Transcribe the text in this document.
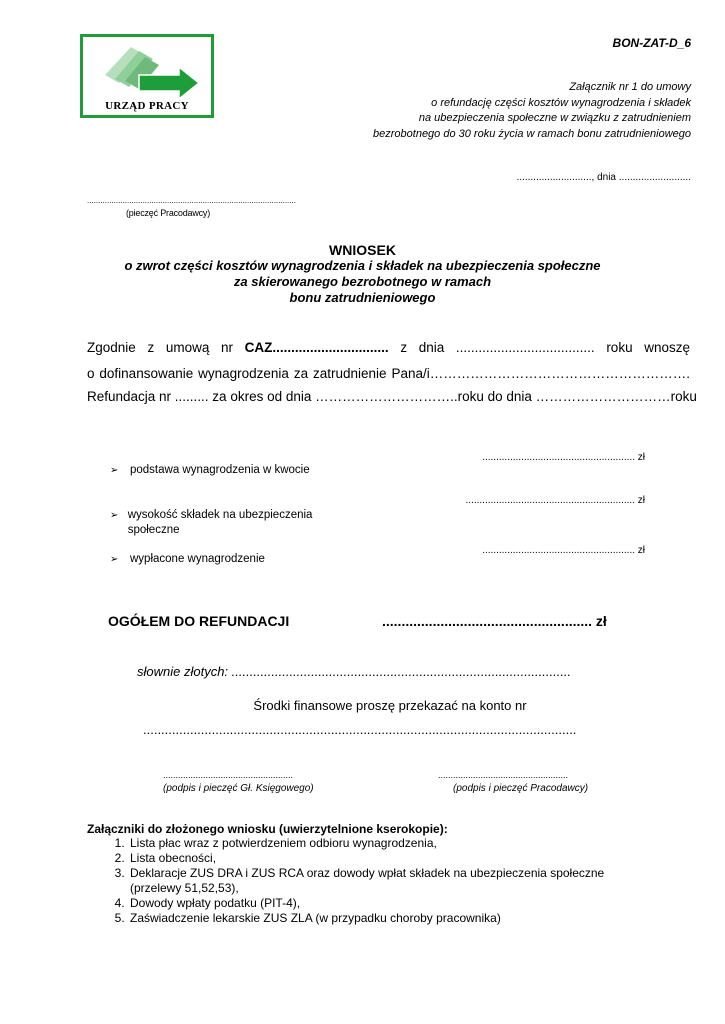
BON-ZAT-D_6
URZĄD PRACY
Załącznik nr 1 do umowy
o refundację części kosztów wynagrodzenia i składek
na ubezpieczenia społeczne w związku z zatrudnieniem
bezrobotnego do 30 roku życia w ramach bonu zatrudnieniowego
..........................., dnia ..........................
..............................................................................................
(pieczęć Pracodawcy)
WNIOSEK
o zwrot części kosztów wynagrodzenia i składek na ubezpieczenia społeczne
za skierowanego bezrobotnego w ramach
bonu zatrudnieniowego
Zgodnie z umową nr CAZ............................... z dnia ..................................... roku wnoszę
o dofinansowanie wynagrodzenia za zatrudnienie Pana/i………………………………………………….
Refundacja nr ......... za okres od dnia …………………………..roku do dnia …………………………roku
....................................................... zł
➢	podstawa wynagrodzenia w kwocie
............................................................. zł
➢ wysokość składek na ubezpieczenia społeczne
....................................................... zł
➢	wypłacone wynagrodzenie
OGÓŁEM DO REFUNDACJI	...................................................... zł
słownie złotych: ..............................................................................................
Środki finansowe proszę przekazać na konto nr
........................................................................................................................
....................................................
(podpis i pieczęć Gł. Księgowego)
....................................................
(podpis i pieczęć Pracodawcy)
Załączniki do złożonego wniosku (uwierzytelnione kserokopie):
1. Lista płac wraz z potwierdzeniem odbioru wynagrodzenia,
2. Lista obecności,
3. Deklaracje ZUS DRA i ZUS RCA oraz dowody wpłat składek na ubezpieczenia społeczne (przelewy 51,52,53),
4. Dowody wpłaty podatku (PIT-4),
5. Zaświadczenie lekarskie ZUS ZLA (w przypadku choroby pracownika)
